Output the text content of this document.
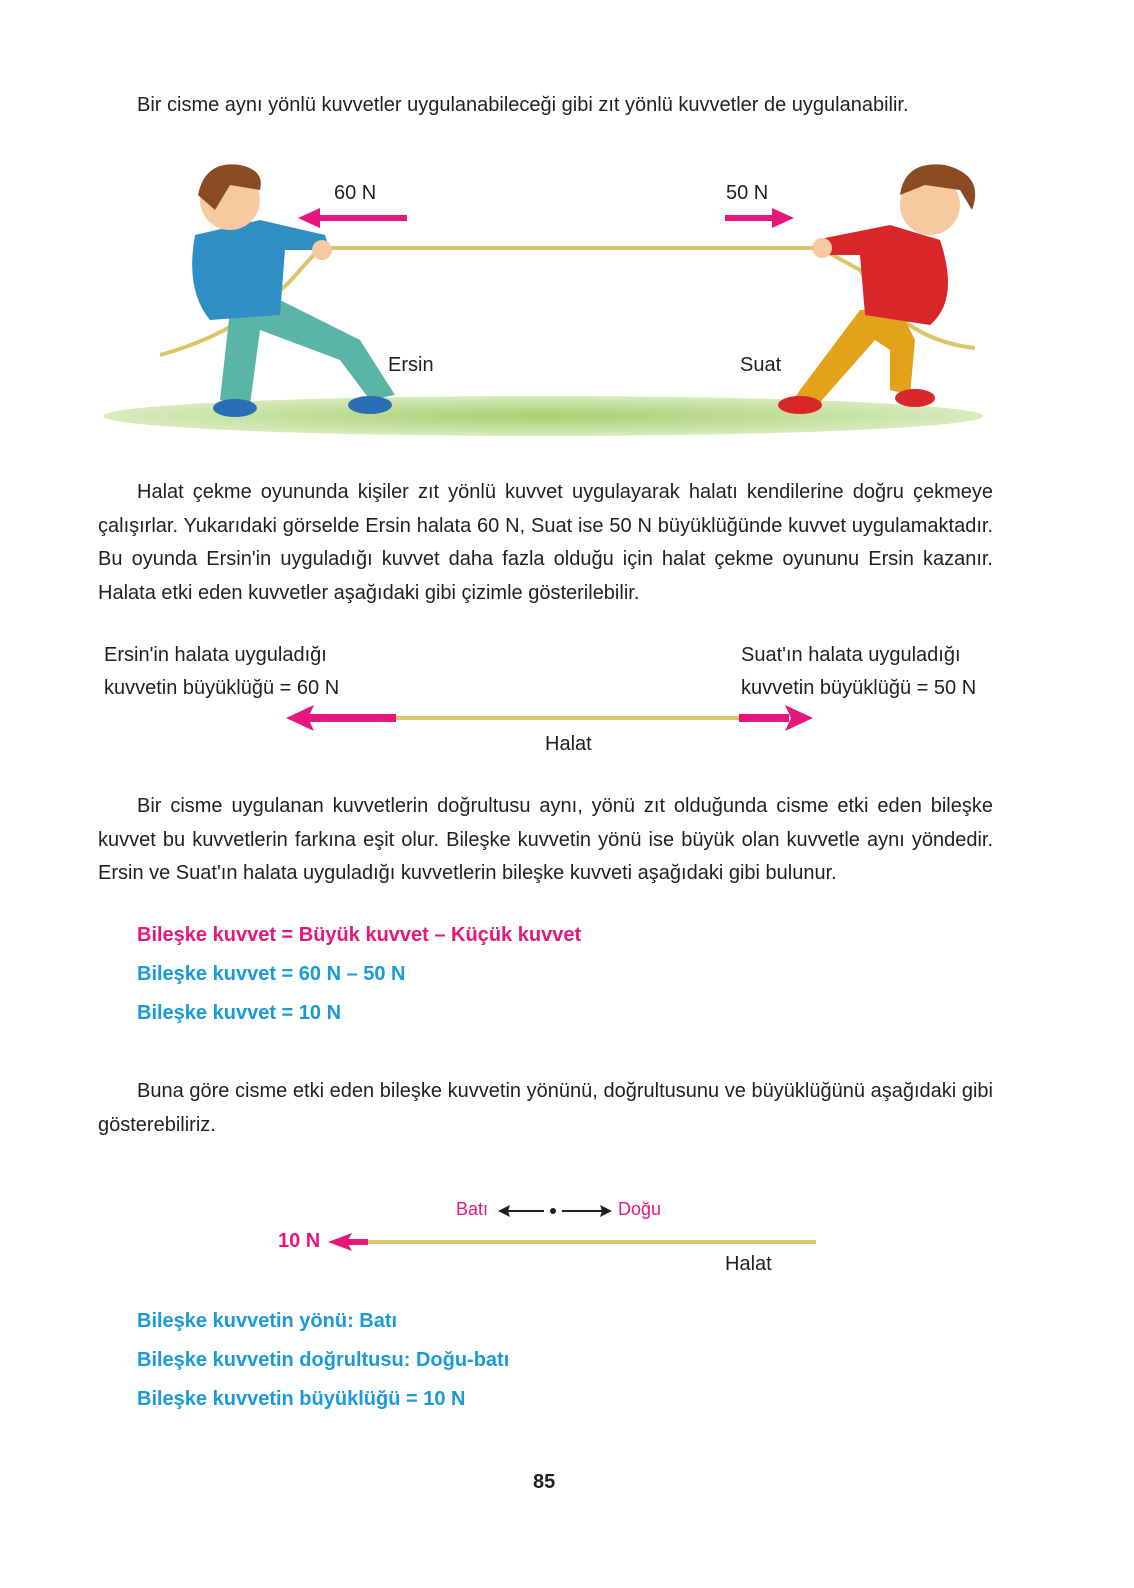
Bir cisme aynı yönlü kuvvetler uygulanabileceği gibi zıt yönlü kuvvetler de uygulanabilir.
60 N	50 N
Ersin	Suat
Halat çekme oyununda kişiler zıt yönlü kuvvet uygulayarak halatı kendilerine doğru çekmeye çalışırlar. Yukarıdaki görselde Ersin halata 60 N, Suat ise 50 N büyüklüğünde kuvvet uygulamaktadır. Bu oyunda Ersin'in uyguladığı kuvvet daha fazla olduğu için halat çekme oyununu Ersin kazanır. Halata etki eden kuvvetler aşağıdaki gibi çizimle gösterilebilir.
Ersin'in halata uyguladığı
kuvvetin büyüklüğü = 60 N
Suat'ın halata uyguladığı
kuvvetin büyüklüğü = 50 N
Halat
Bir cisme uygulanan kuvvetlerin doğrultusu aynı, yönü zıt olduğunda cisme etki eden bileşke kuvvet bu kuvvetlerin farkına eşit olur. Bileşke kuvvetin yönü ise büyük olan kuvvetle aynı yöndedir. Ersin ve Suat'ın halata uyguladığı kuvvetlerin bileşke kuvveti aşağıdaki gibi bulunur.
Bileşke kuvvet = Büyük kuvvet – Küçük kuvvet
Bileşke kuvvet = 60 N – 50 N
Bileşke kuvvet = 10 N
Buna göre cisme etki eden bileşke kuvvetin yönünü, doğrultusunu ve büyüklüğünü aşağıdaki gibi gösterebiliriz.
Batı	Doğu
10 N
Halat
Bileşke kuvvetin yönü: Batı
Bileşke kuvvetin doğrultusu: Doğu-batı
Bileşke kuvvetin büyüklüğü = 10 N
85
